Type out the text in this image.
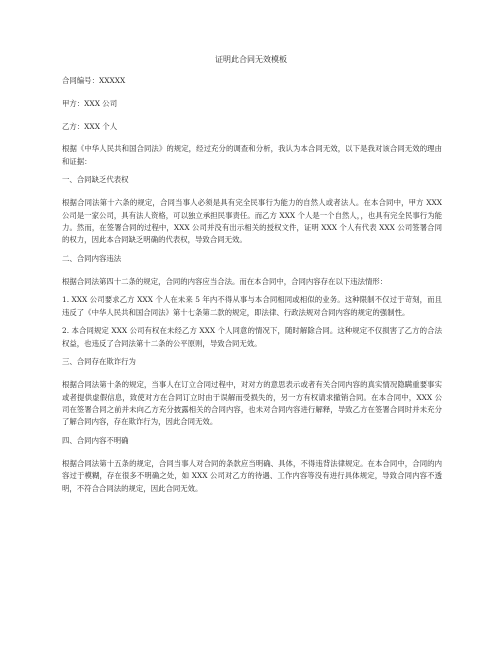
证明此合同无效模板

合同编号：XXXXX

甲方：XXX 公司

乙方：XXX 个人

根据《中华人民共和国合同法》的规定，经过充分的调查和分析，我认为本合同无效，以下是我对该合同无效的理由和证据：

一、合同缺乏代表权

根据合同法第十六条的规定，合同当事人必须是具有完全民事行为能力的自然人或者法人。在本合同中，甲方 XXX 公司是一家公司，具有法人资格，可以独立承担民事责任。而乙方 XXX 个人是一个自然人，，也具有完全民事行为能力。然而，在签署合同的过程中，XXX 公司并没有出示相关的授权文件，证明 XXX 个人有代表 XXX 公司签署合同的权力，因此本合同缺乏明确的代表权，导致合同无效。

二、合同内容违法

根据合同法第四十二条的规定，合同的内容应当合法。而在本合同中，合同内容存在以下违法情形：

1. XXX 公司要求乙方 XXX 个人在未来 5 年内不得从事与本合同相同或相似的业务。这种限制不仅过于苛刻，而且违反了《中华人民共和国合同法》第十七条第二款的规定，即法律、行政法规对合同内容的规定的强制性。

2. 本合同规定 XXX 公司有权在未经乙方 XXX 个人同意的情况下，随时解除合同。这种规定不仅损害了乙方的合法权益，也违反了合同法第十二条的公平原则，导致合同无效。

三、合同存在欺诈行为

根据合同法第十条的规定，当事人在订立合同过程中，对对方的意思表示或者有关合同内容的真实情况隐瞒重要事实或者提供虚假信息，致使对方在合同订立时由于误解而受损失的，另一方有权请求撤销合同。在本合同中，XXX 公司在签署合同之前并未向乙方充分披露相关的合同内容，也未对合同内容进行解释，导致乙方在签署合同时并未充分了解合同内容，存在欺诈行为，因此合同无效。

四、合同内容不明确

根据合同法第十五条的规定，合同当事人对合同的条款应当明确、具体，不得违背法律规定。在本合同中，合同的内容过于模糊，存在很多不明确之处，如 XXX 公司对乙方的待遇、工作内容等没有进行具体规定，导致合同内容不透明，不符合合同法的规定，因此合同无效。
